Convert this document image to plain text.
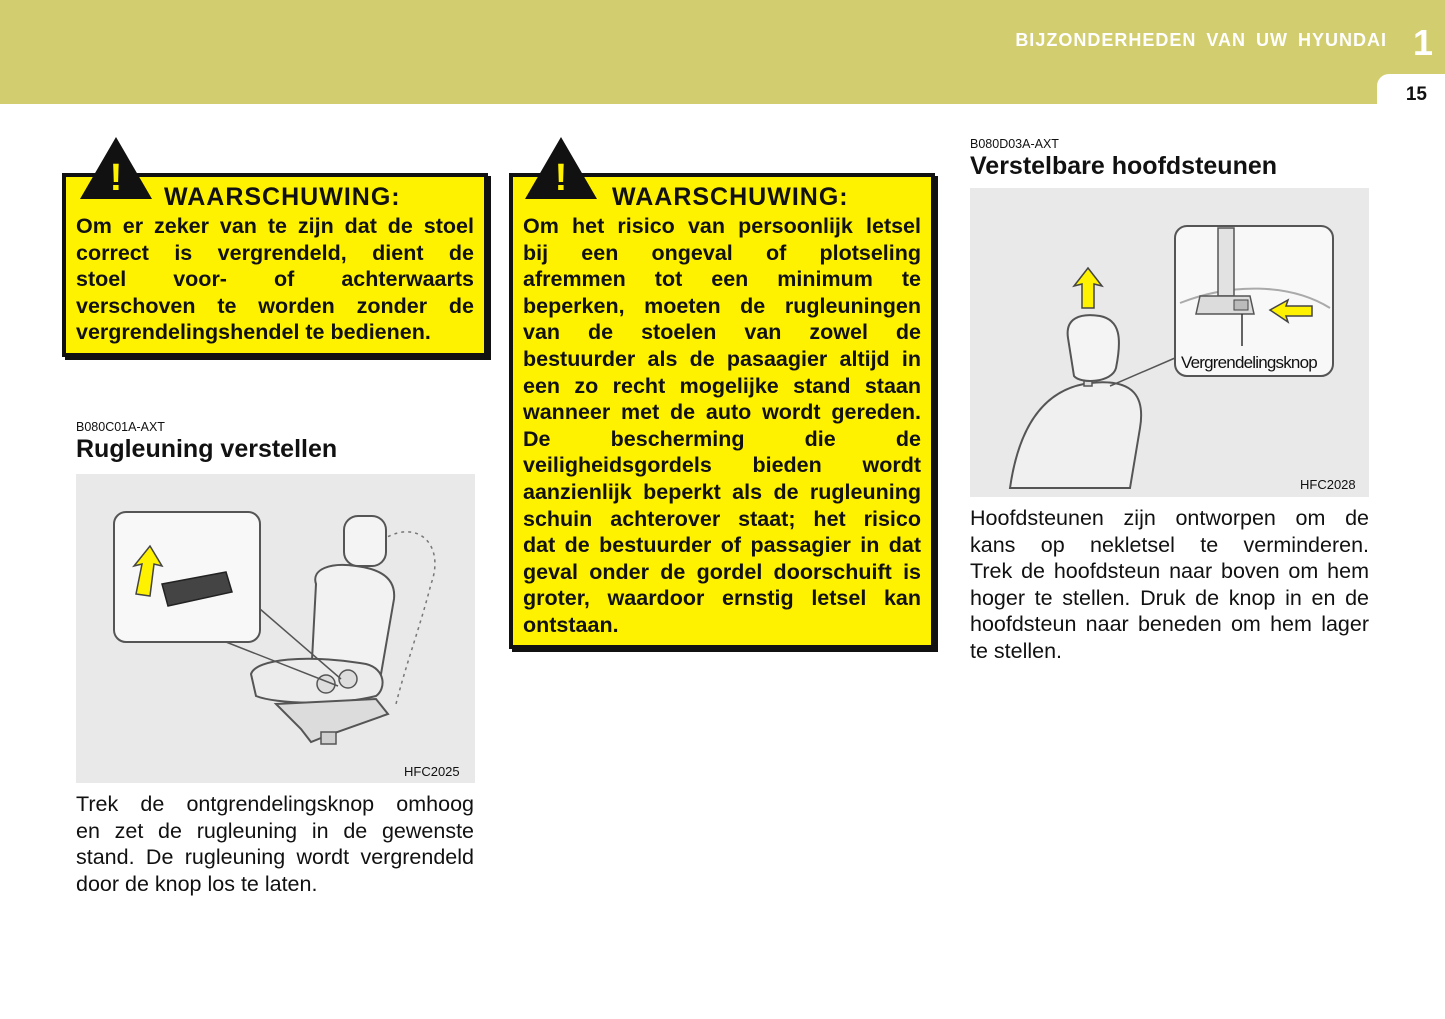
BIJZONDERHEDEN VAN UW HYUNDAI 1
15
! WAARSCHUWING:
Om er zeker van te zijn dat de stoel
correct is vergrendeld, dient de
stoel voor- of achterwaarts
verschoven te worden zonder de
vergrendelingshendel te bedienen.
! WAARSCHUWING:
Om het risico van persoonlijk letsel
bij een ongeval of plotseling
afremmen tot een minimum te
beperken, moeten de rugleuningen
van de stoelen van zowel de
bestuurder als de pasaagier altijd in
een zo recht mogelijke stand staan
wanneer met de auto wordt gereden.
De bescherming die de
veiligheidsgordels bieden wordt
aanzienlijk beperkt als de rugleuning
schuin achterover staat; het risico
dat de bestuurder of passagier in dat
geval onder de gordel doorschuift is
groter, waardoor ernstig letsel kan
ontstaan.
B080C01A-AXT
Rugleuning verstellen
HFC2025
Trek de ontgrendelingsknop omhoog
en zet de rugleuning in de gewenste
stand. De rugleuning wordt vergrendeld
door de knop los te laten.
B080D03A-AXT
Verstelbare hoofdsteunen
Vergrendelingsknop
HFC2028
Hoofdsteunen zijn ontworpen om de
kans op nekletsel te verminderen.
Trek de hoofdsteun naar boven om hem
hoger te stellen. Druk de knop in en de
hoofdsteun naar beneden om hem lager
te stellen.
